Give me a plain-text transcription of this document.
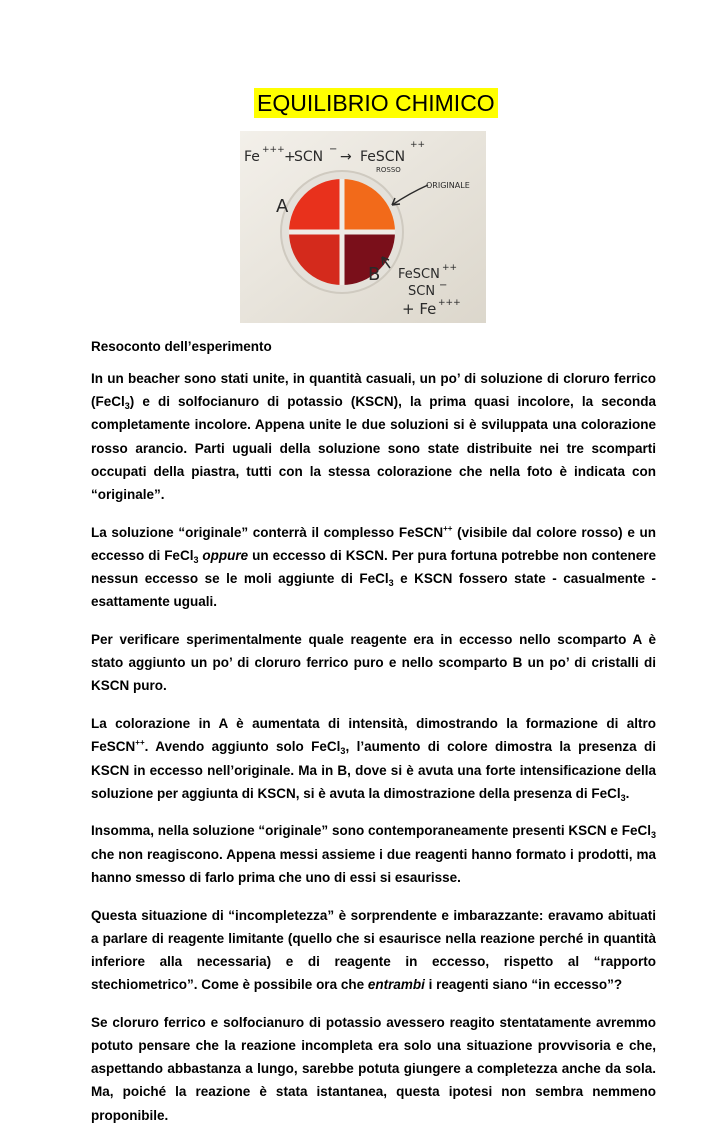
EQUILIBRIO CHIMICO
Fe +++ +
SCN − → FeSCN
++
ROSSO
ORIGINALE
A
B FeSCN ++
SCN −
+ Fe +++
Resoconto dell’esperimento

In un beacher sono stati unite, in quantità casuali, un po’ di soluzione di cloruro ferrico (FeCl$_3$) e di solfocianuro di potassio (KSCN), la prima quasi incolore, la seconda completamente incolore. Appena unite le due soluzioni si è sviluppata una colorazione rosso arancio. Parti uguali della soluzione sono state distribuite nei tre scomparti occupati della piastra, tutti con la stessa colorazione che nella foto è indicata con “originale”.

La soluzione “originale” conterrà il complesso FeSCN++ (visibile dal colore rosso) e un eccesso di FeCl$_3$ oppure un eccesso di KSCN. Per pura fortuna potrebbe non contenere nessun eccesso se le moli aggiunte di FeCl$_3$ e KSCN fossero state - casualmente - esattamente uguali.

Per verificare sperimentalmente quale reagente era in eccesso nello scomparto A è stato aggiunto un po’ di cloruro ferrico puro e nello scomparto B un po’ di cristalli di KSCN puro.

La colorazione in A è aumentata di intensità, dimostrando la formazione di altro FeSCN++. Avendo aggiunto solo FeCl$_3$, l’aumento di colore dimostra la presenza di KSCN in eccesso nell’originale. Ma in B, dove si è avuta una forte intensificazione della soluzione per aggiunta di KSCN, si è avuta la dimostrazione della presenza di FeCl$_3$.

Insomma, nella soluzione “originale” sono contemporaneamente presenti KSCN e FeCl$_3$ che non reagiscono. Appena messi assieme i due reagenti hanno formato i prodotti, ma hanno smesso di farlo prima che uno di essi si esaurisse.

Questa situazione di “incompletezza” è sorprendente e imbarazzante: eravamo abituati a parlare di reagente limitante (quello che si esaurisce nella reazione perché in quantità inferiore alla necessaria) e di reagente in eccesso, rispetto al “rapporto stechiometrico”. Come è possibile ora che entrambi i reagenti siano “in eccesso”?

Se cloruro ferrico e solfocianuro di potassio avessero reagito stentatamente avremmo potuto pensare che la reazione incompleta era solo una situazione provvisoria e che, aspettando abbastanza a lungo, sarebbe potuta giungere a completezza anche da sola. Ma, poiché la reazione è stata istantanea, questa ipotesi non sembra nemmeno proponibile.
